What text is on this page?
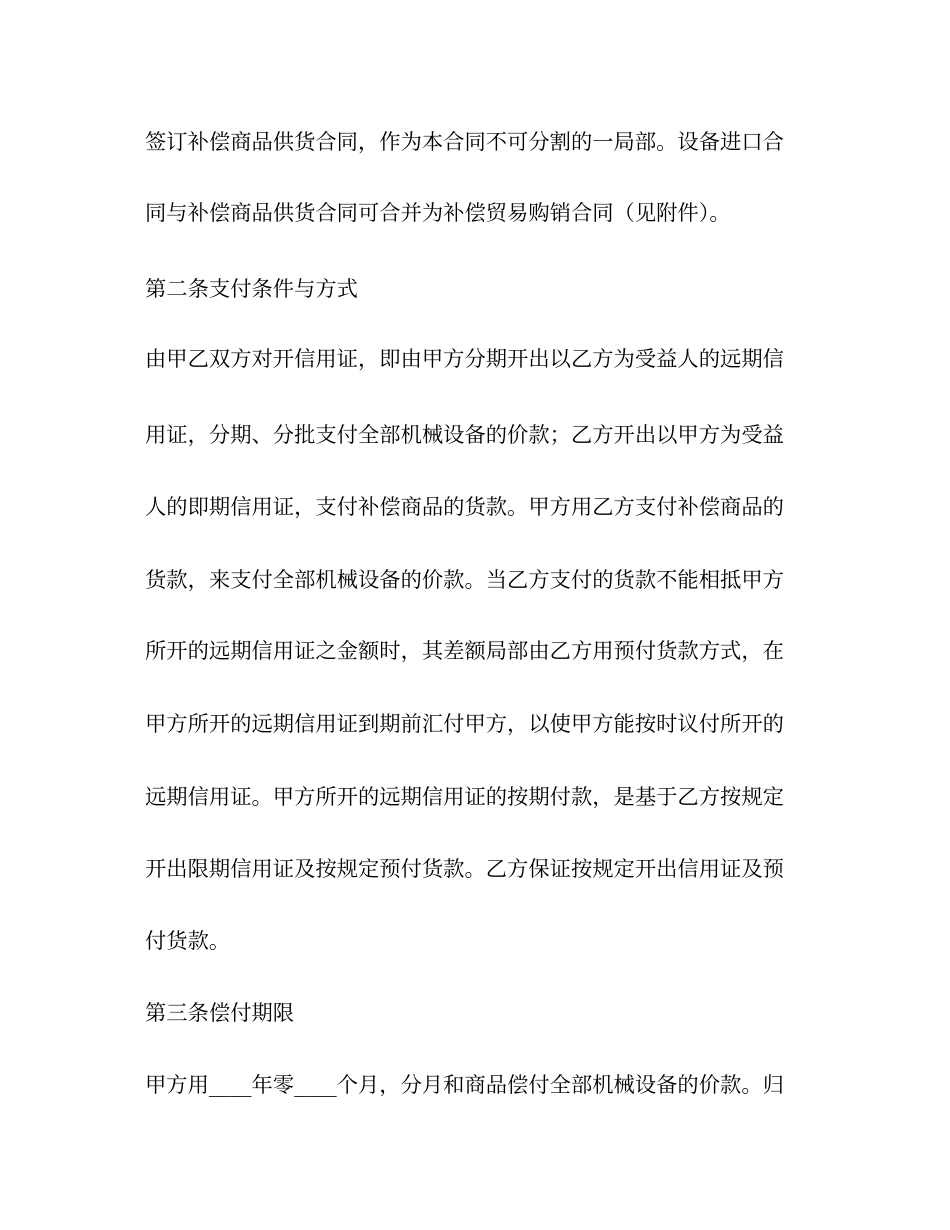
签订补偿商品供货合同，作为本合同不可分割的一局部。设备进口合
同与补偿商品供货合同可合并为补偿贸易购销合同（见附件）。
第二条支付条件与方式
由甲乙双方对开信用证，即由甲方分期开出以乙方为受益人的远期信
用证，分期、分批支付全部机械设备的价款；乙方开出以甲方为受益
人的即期信用证，支付补偿商品的货款。甲方用乙方支付补偿商品的
货款，来支付全部机械设备的价款。当乙方支付的货款不能相抵甲方
所开的远期信用证之金额时，其差额局部由乙方用预付货款方式，在
甲方所开的远期信用证到期前汇付甲方，以使甲方能按时议付所开的
远期信用证。甲方所开的远期信用证的按期付款，是基于乙方按规定
开出限期信用证及按规定预付货款。乙方保证按规定开出信用证及预
付货款。
第三条偿付期限
甲方用____年零____个月，分月和商品偿付全部机械设备的价款。归
